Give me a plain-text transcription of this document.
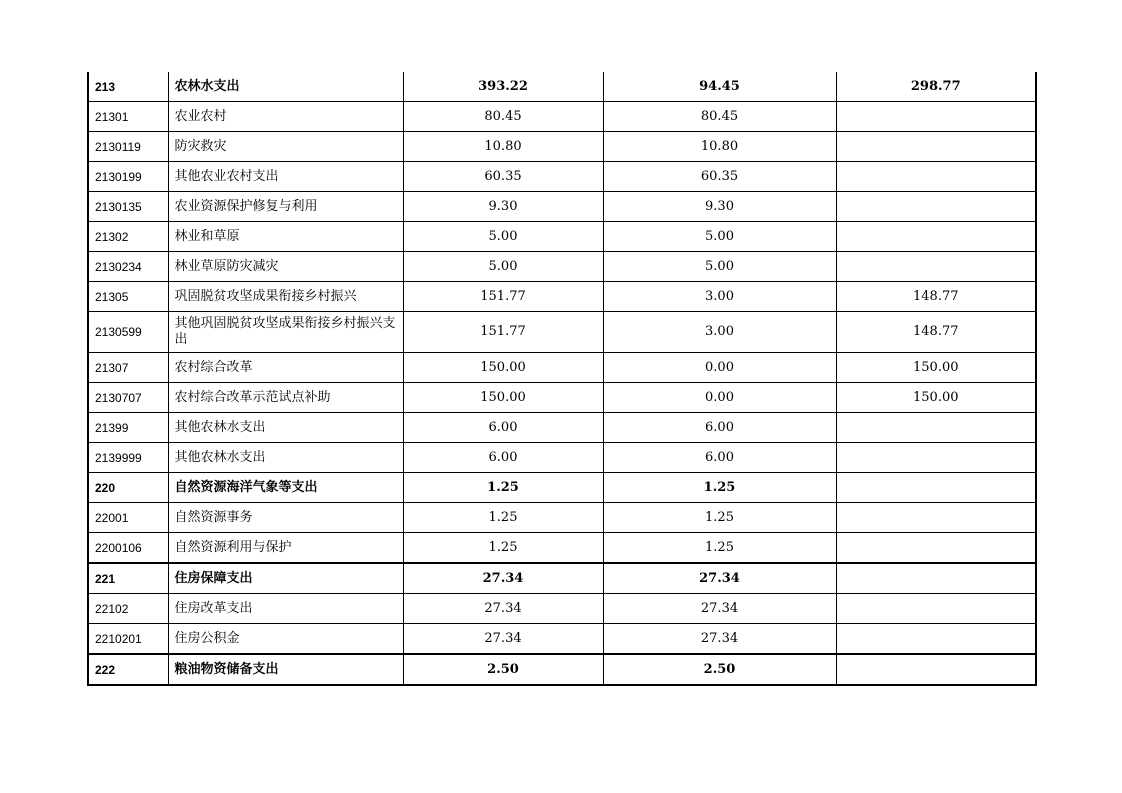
213	农林水支出	393.22	94.45	298.77
21301	农业农村	80.45	80.45	
2130119	防灾救灾	10.80	10.80	
2130199	其他农业农村支出	60.35	60.35	
2130135	农业资源保护修复与利用	9.30	9.30	
21302	林业和草原	5.00	5.00	
2130234	林业草原防灾减灾	5.00	5.00	
21305	巩固脱贫攻坚成果衔接乡村振兴	151.77	3.00	148.77
2130599	其他巩固脱贫攻坚成果衔接乡村振兴支出	151.77	3.00	148.77
21307	农村综合改革	150.00	0.00	150.00
2130707	农村综合改革示范试点补助	150.00	0.00	150.00
21399	其他农林水支出	6.00	6.00	
2139999	其他农林水支出	6.00	6.00	
220	自然资源海洋气象等支出	1.25	1.25	
22001	自然资源事务	1.25	1.25	
2200106	自然资源利用与保护	1.25	1.25	
221	住房保障支出	27.34	27.34	
22102	住房改革支出	27.34	27.34	
2210201	住房公积金	27.34	27.34	
222	粮油物资储备支出	2.50	2.50	
